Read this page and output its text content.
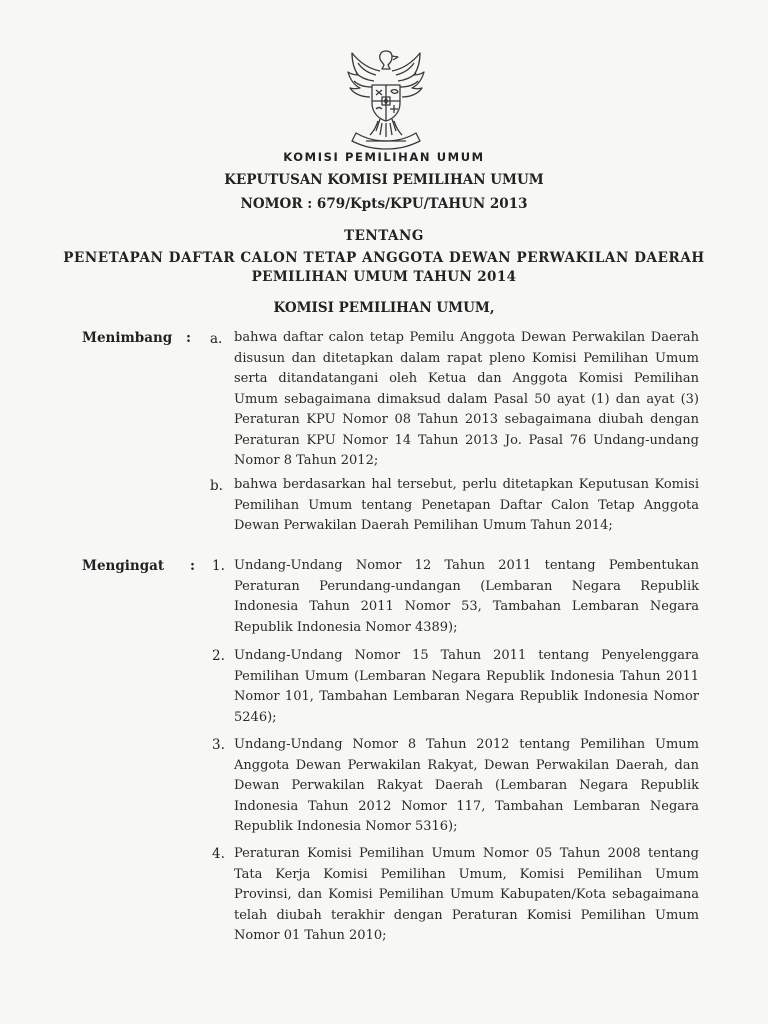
KOMISI PEMILIHAN UMUM
KEPUTUSAN KOMISI PEMILIHAN UMUM
NOMOR : 679/Kpts/KPU/TAHUN 2013
TENTANG
PENETAPAN DAFTAR CALON TETAP ANGGOTA DEWAN PERWAKILAN DAERAH
PEMILIHAN UMUM TAHUN 2014
KOMISI PEMILIHAN UMUM,
Menimbang : a. bahwa daftar calon tetap Pemilu Anggota Dewan Perwakilan Daerah disusun dan ditetapkan dalam rapat pleno Komisi Pemilihan Umum serta ditandatangani oleh Ketua dan Anggota Komisi Pemilihan Umum sebagaimana dimaksud dalam Pasal 50 ayat (1) dan ayat (3) Peraturan KPU Nomor 08 Tahun 2013 sebagaimana diubah dengan Peraturan KPU Nomor 14 Tahun 2013 Jo. Pasal 76 Undang-undang Nomor 8 Tahun 2012;
b. bahwa berdasarkan hal tersebut, perlu ditetapkan Keputusan Komisi Pemilihan Umum tentang Penetapan Daftar Calon Tetap Anggota Dewan Perwakilan Daerah Pemilihan Umum Tahun 2014;
Mengingat : 1. Undang-Undang Nomor 12 Tahun 2011 tentang Pembentukan Peraturan Perundang-undangan (Lembaran Negara Republik Indonesia Tahun 2011 Nomor 53, Tambahan Lembaran Negara Republik Indonesia Nomor 4389);
2. Undang-Undang Nomor 15 Tahun 2011 tentang Penyelenggara Pemilihan Umum (Lembaran Negara Republik Indonesia Tahun 2011 Nomor 101, Tambahan Lembaran Negara Republik Indonesia Nomor 5246);
3. Undang-Undang Nomor 8 Tahun 2012 tentang Pemilihan Umum Anggota Dewan Perwakilan Rakyat, Dewan Perwakilan Daerah, dan Dewan Perwakilan Rakyat Daerah (Lembaran Negara Republik Indonesia Tahun 2012 Nomor 117, Tambahan Lembaran Negara Republik Indonesia Nomor 5316);
4. Peraturan Komisi Pemilihan Umum Nomor 05 Tahun 2008 tentang Tata Kerja Komisi Pemilihan Umum, Komisi Pemilihan Umum Provinsi, dan Komisi Pemilihan Umum Kabupaten/Kota sebagaimana telah diubah terakhir dengan Peraturan Komisi Pemilihan Umum Nomor 01 Tahun 2010;
